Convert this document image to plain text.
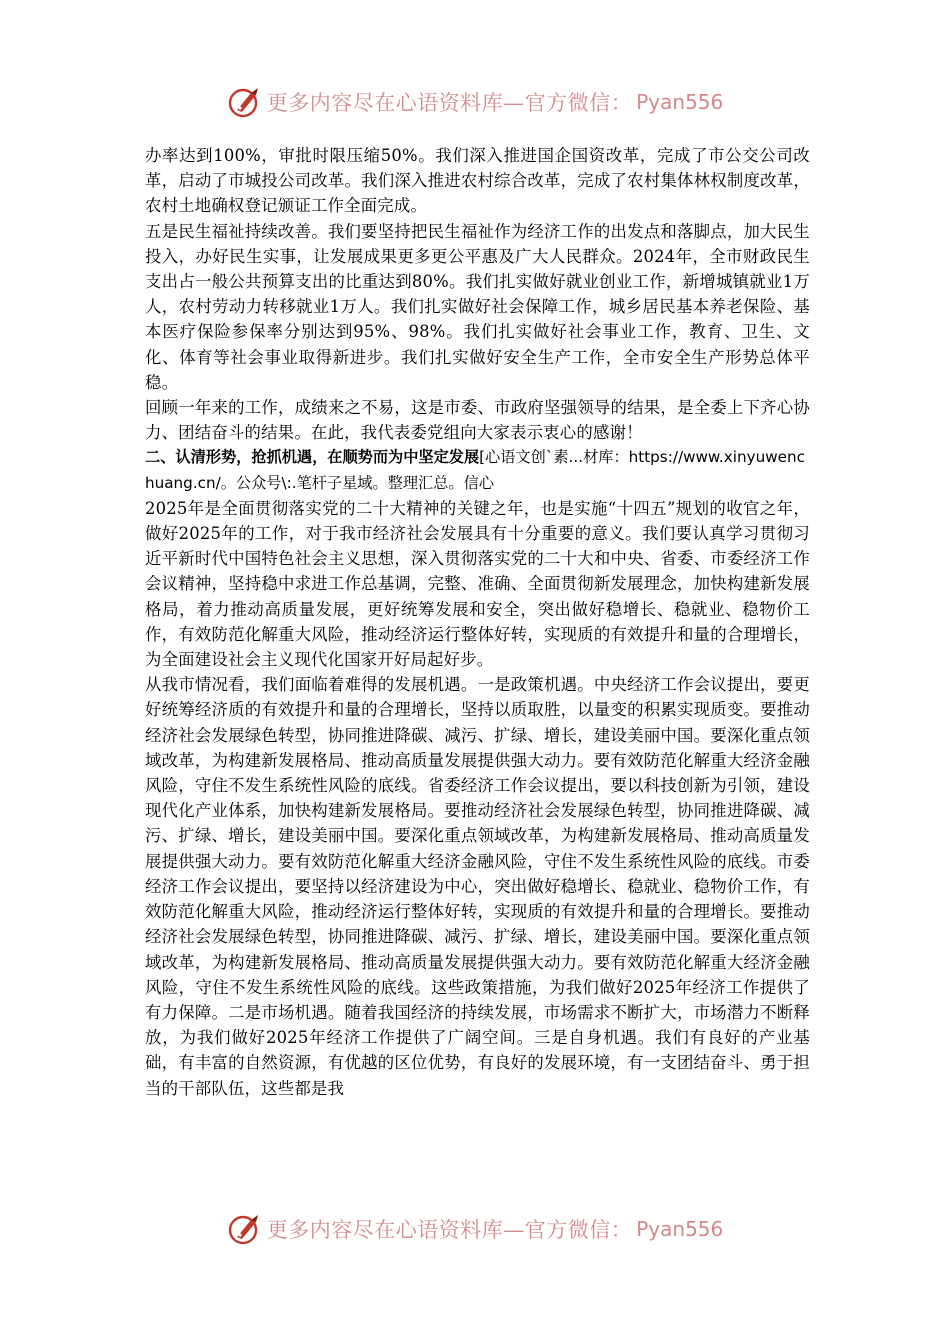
更多内容尽在心语资料库—官方微信： Pyan556

办率达到100%，审批时限压缩50%。我们深入推进国企国资改革，完成了市公交公司改革，启动了市城投公司改革。我们深入推进农村综合改革，完成了农村集体林权制度改革，农村土地确权登记颁证工作全面完成。

五是民生福祉持续改善。我们要坚持把民生福祉作为经济工作的出发点和落脚点，加大民生投入，办好民生实事，让发展成果更多更公平惠及广大人民群众。2024年，全市财政民生支出占一般公共预算支出的比重达到80%。我们扎实做好就业创业工作，新增城镇就业1万人，农村劳动力转移就业1万人。我们扎实做好社会保障工作，城乡居民基本养老保险、基本医疗保险参保率分别达到95%、98%。我们扎实做好社会事业工作，教育、卫生、文化、体育等社会事业取得新进步。我们扎实做好安全生产工作，全市安全生产形势总体平稳。

回顾一年来的工作，成绩来之不易，这是市委、市政府坚强领导的结果，是全委上下齐心协力、团结奋斗的结果。在此，我代表委党组向大家表示衷心的感谢！

二、认清形势，抢抓机遇，在顺势而为中坚定发展[心语文创`素...材库：https://www.xinyuwenchuang.cn/。公众号\:.笔杆子星域。整理汇总。信心

2025年是全面贯彻落实党的二十大精神的关键之年，也是实施“十四五”规划的收官之年，做好2025年的工作，对于我市经济社会发展具有十分重要的意义。我们要认真学习贯彻习近平新时代中国特色社会主义思想，深入贯彻落实党的二十大和中央、省委、市委经济工作会议精神，坚持稳中求进工作总基调，完整、准确、全面贯彻新发展理念，加快构建新发展格局，着力推动高质量发展，更好统筹发展和安全，突出做好稳增长、稳就业、稳物价工作，有效防范化解重大风险，推动经济运行整体好转，实现质的有效提升和量的合理增长，为全面建设社会主义现代化国家开好局起好步。

从我市情况看，我们面临着难得的发展机遇。一是政策机遇。中央经济工作会议提出，要更好统筹经济质的有效提升和量的合理增长，坚持以质取胜，以量变的积累实现质变。要推动经济社会发展绿色转型，协同推进降碳、减污、扩绿、增长，建设美丽中国。要深化重点领域改革，为构建新发展格局、推动高质量发展提供强大动力。要有效防范化解重大经济金融风险，守住不发生系统性风险的底线。省委经济工作会议提出，要以科技创新为引领，建设现代化产业体系，加快构建新发展格局。要推动经济社会发展绿色转型，协同推进降碳、减污、扩绿、增长，建设美丽中国。要深化重点领域改革，为构建新发展格局、推动高质量发展提供强大动力。要有效防范化解重大经济金融风险，守住不发生系统性风险的底线。市委经济工作会议提出，要坚持以经济建设为中心，突出做好稳增长、稳就业、稳物价工作，有效防范化解重大风险，推动经济运行整体好转，实现质的有效提升和量的合理增长。要推动经济社会发展绿色转型，协同推进降碳、减污、扩绿、增长，建设美丽中国。要深化重点领域改革，为构建新发展格局、推动高质量发展提供强大动力。要有效防范化解重大经济金融风险，守住不发生系统性风险的底线。这些政策措施，为我们做好2025年经济工作提供了有力保障。二是市场机遇。随着我国经济的持续发展，市场需求不断扩大，市场潜力不断释放，为我们做好2025年经济工作提供了广阔空间。三是自身机遇。我们有良好的产业基础，有丰富的自然资源，有优越的区位优势，有良好的发展环境，有一支团结奋斗、勇于担当的干部队伍，这些都是我

更多内容尽在心语资料库—官方微信： Pyan556
